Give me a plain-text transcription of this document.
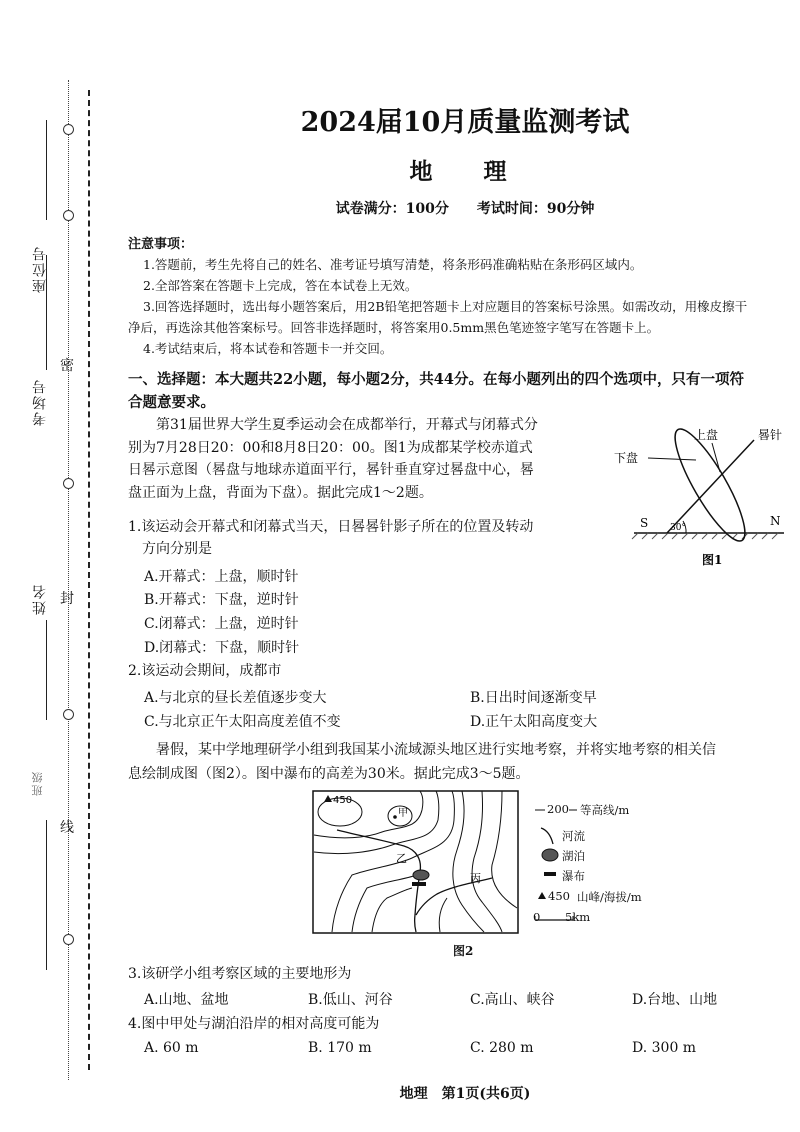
座位号
考场号
姓名
班级
密
封
线
2024届10月质量监测考试
地　理
试卷满分：100分　　考试时间：90分钟
注意事项：
1.答题前，考生先将自己的姓名、准考证号填写清楚，将条形码准确粘贴在条形码区域内。
2.全部答案在答题卡上完成，答在本试卷上无效。
3.回答选择题时，选出每小题答案后，用2B铅笔把答题卡上对应题目的答案标号涂黑。如需改动，用橡皮擦干
净后，再选涂其他答案标号。回答非选择题时，将答案用0.5mm黑色笔迹签字笔写在答题卡上。
4.考试结束后，将本试卷和答题卡一并交回。
一、选择题：本大题共22小题，每小题2分，共44分。在每小题列出的四个选项中，只有一项符
合题意要求。
第31届世界大学生夏季运动会在成都举行，开幕式与闭幕式分
别为7月28日20：00和8月8日20：00。图1为成都某学校赤道式
日晷示意图（晷盘与地球赤道面平行，晷针垂直穿过晷盘中心，晷
盘正面为上盘，背面为下盘）。据此完成1～2题。
下盘
上盘	晷针
S	N
30°
图1
1.该运动会开幕式和闭幕式当天，日晷晷针影子所在的位置及转动
方向分别是
A.开幕式：上盘，顺时针
B.开幕式：下盘，逆时针
C.闭幕式：上盘，逆时针
D.闭幕式：下盘，顺时针
2.该运动会期间，成都市
A.与北京的昼长差值逐步变大	B.日出时间逐渐变早
C.与北京正午太阳高度差值不变	D.正午太阳高度变大
暑假，某中学地理研学小组到我国某小流域源头地区进行实地考察，并将实地考察的相关信
息绘制成图（图2）。图中瀑布的高差为30米。据此完成3～5题。
450
甲
乙
丙
图2
200 等高线/m
河流
湖泊
瀑布
450 山峰/海拔/m
0 5km
3.该研学小组考察区域的主要地形为
A.山地、盆地	B.低山、河谷	C.高山、峡谷	D.台地、山地
4.图中甲处与湖泊沿岸的相对高度可能为
A. 60 m	B. 170 m	C. 280 m	D. 300 m
地理　第1页(共6页)
